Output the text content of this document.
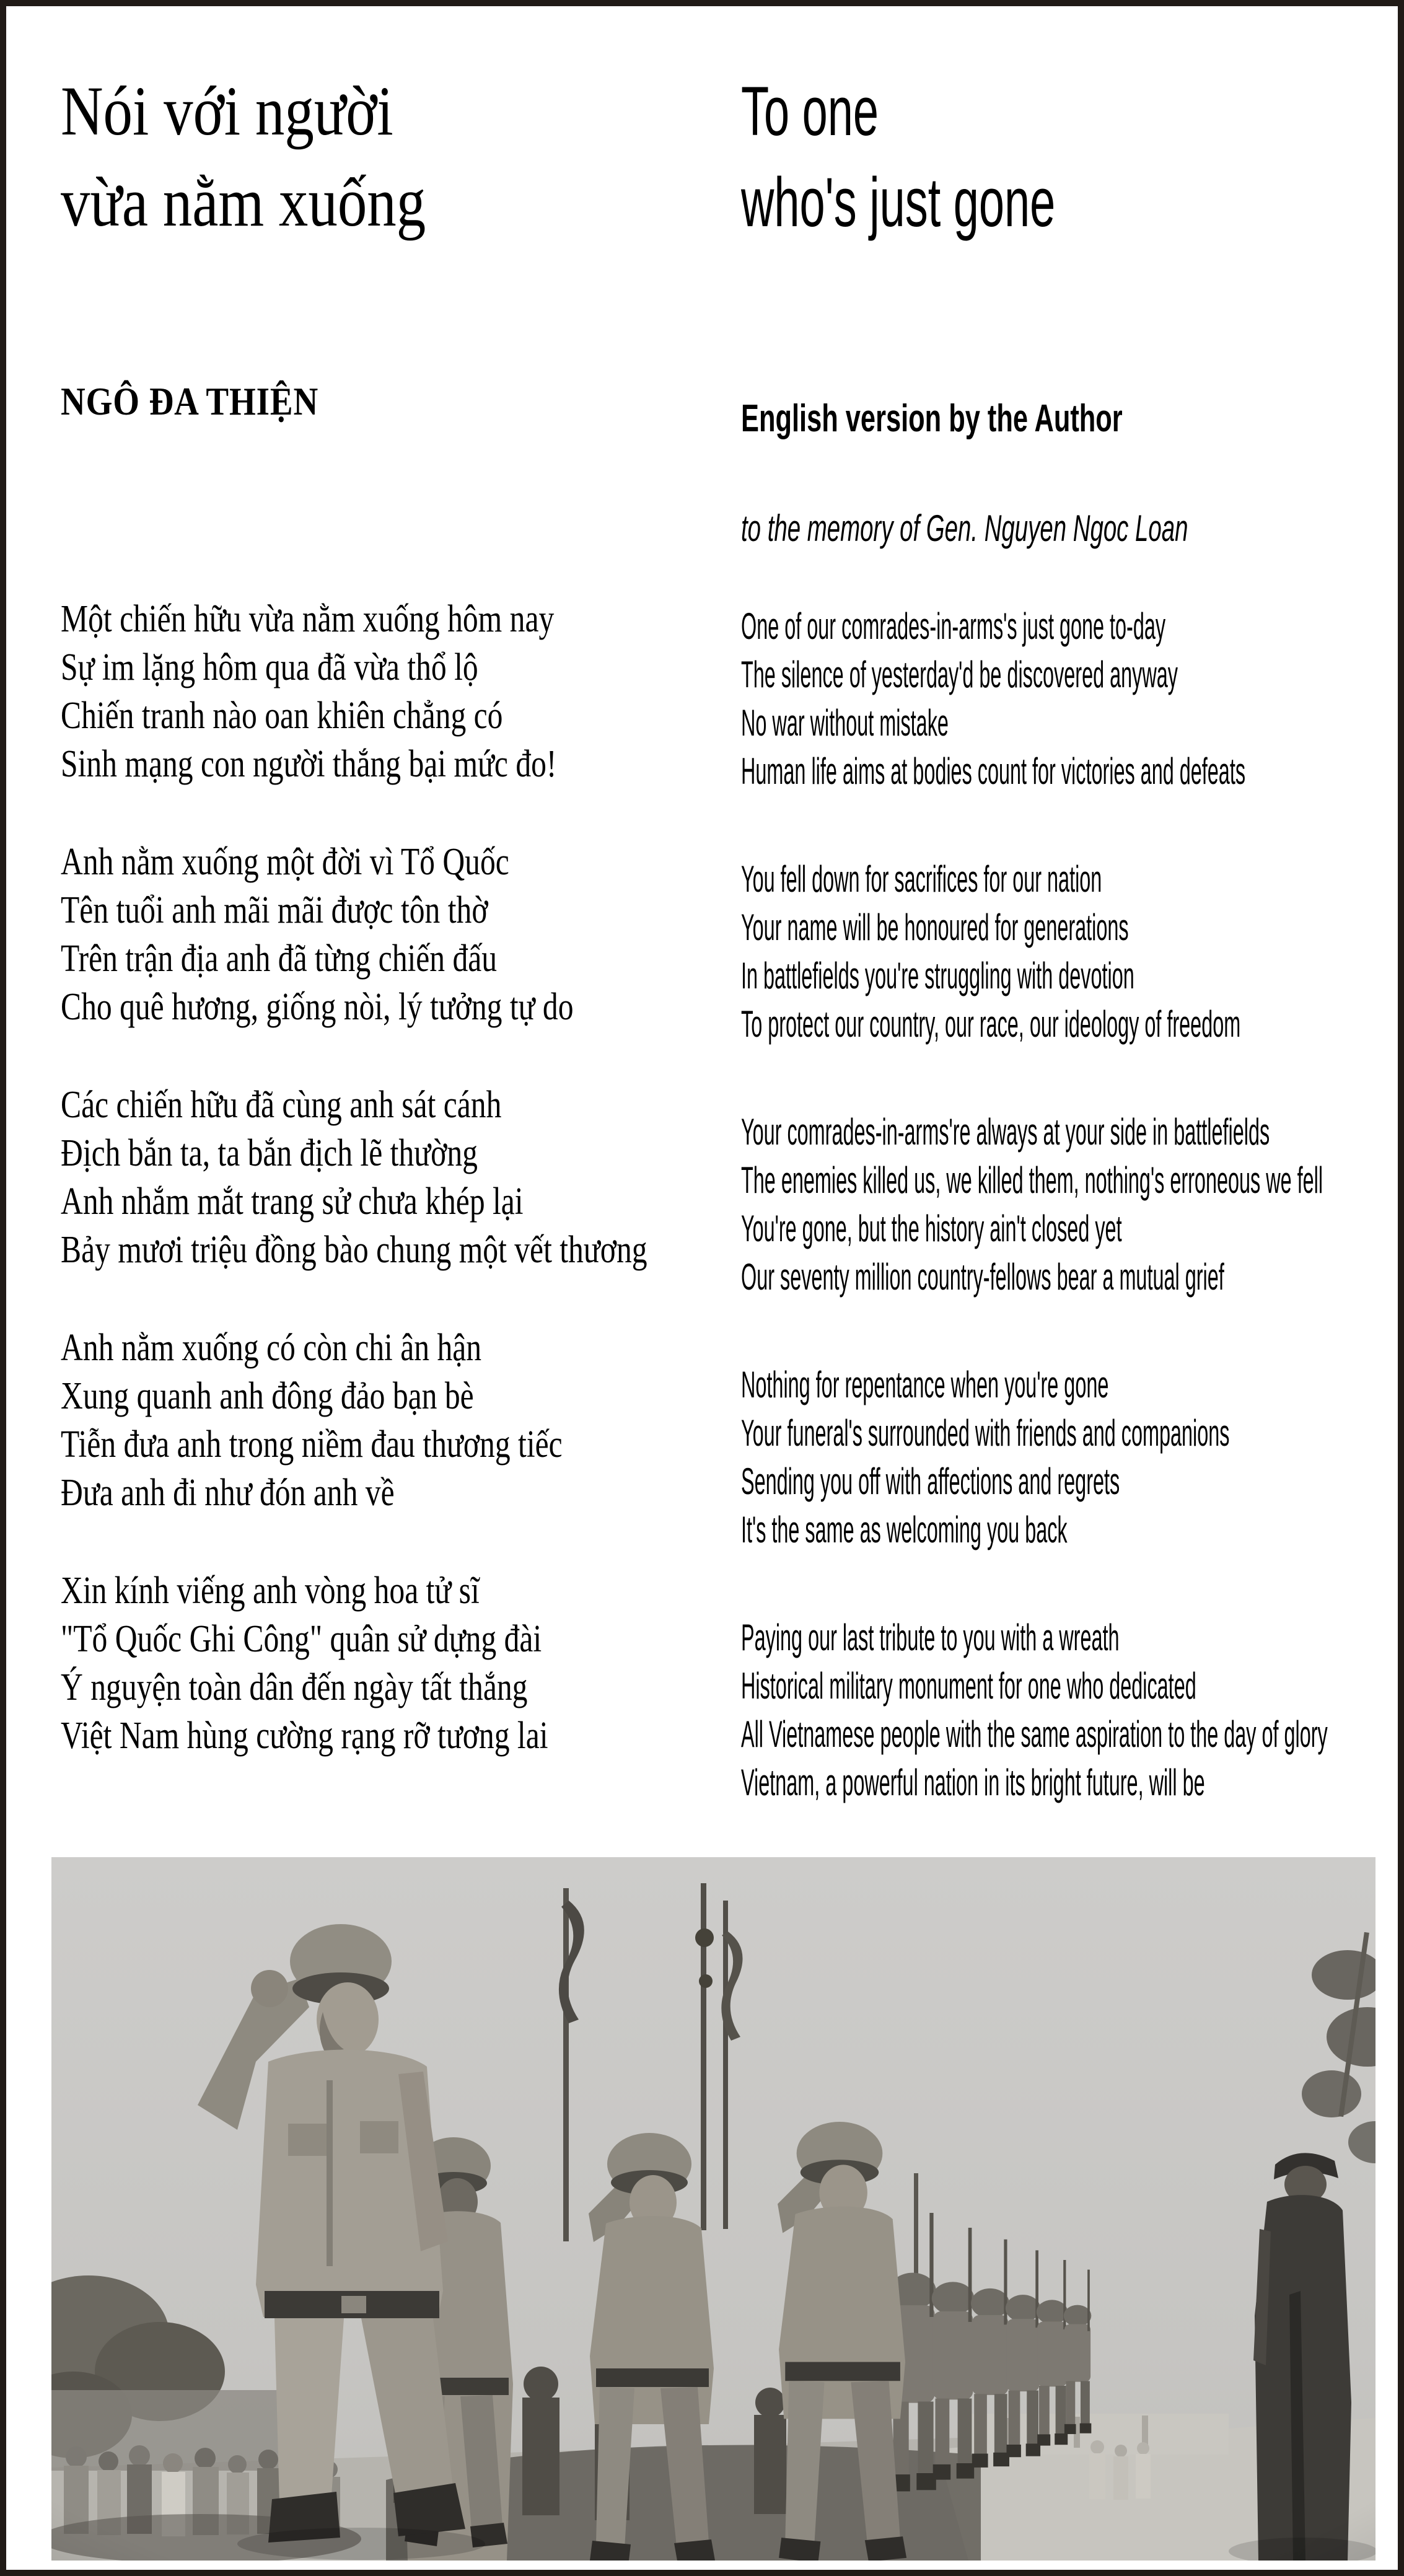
Nói với người
vừa nằm xuống
NGÔ ĐA THIỆN
Một chiến hữu vừa nằm xuống hôm nay
Sự im lặng hôm qua đã vừa thổ lộ
Chiến tranh nào oan khiên chẳng có
Sinh mạng con người thắng bại mức đo!
Anh nằm xuống một đời vì Tổ Quốc
Tên tuổi anh mãi mãi được tôn thờ
Trên trận địa anh đã từng chiến đấu
Cho quê hương, giống nòi, lý tưởng tự do
Các chiến hữu đã cùng anh sát cánh
Địch bắn ta, ta bắn địch lẽ thường
Anh nhắm mắt trang sử chưa khép lại
Bảy mươi triệu đồng bào chung một vết thương
Anh nằm xuống có còn chi ân hận
Xung quanh anh đông đảo bạn bè
Tiễn đưa anh trong niềm đau thương tiếc
Đưa anh đi như đón anh về
Xin kính viếng anh vòng hoa tử sĩ
"Tổ Quốc Ghi Công" quân sử dựng đài
Ý nguyện toàn dân đến ngày tất thắng
Việt Nam hùng cường rạng rỡ tương lai
To one
who's just gone
English version by the Author
to the memory of Gen. Nguyen Ngoc Loan
One of our comrades-in-arms's just gone to-day
The silence of yesterday'd be discovered anyway
No war without mistake
Human life aims at bodies count for victories and defeats
You fell down for sacrifices for our nation
Your name will be honoured for generations
In battlefields you're struggling with devotion
To protect our country, our race, our ideology of freedom
Your comrades-in-arms're always at your side in battlefields
The enemies killed us, we killed them, nothing's erroneous we fell
You're gone, but the history ain't closed yet
Our seventy million country-fellows bear a mutual grief
Nothing for repentance when you're gone
Your funeral's surrounded with friends and companions
Sending you off with affections and regrets
It's the same as welcoming you back
Paying our last tribute to you with a wreath
Historical military monument for one who dedicated
All Vietnamese people with the same aspiration to the day of glory
Vietnam, a powerful nation in its bright future, will be
